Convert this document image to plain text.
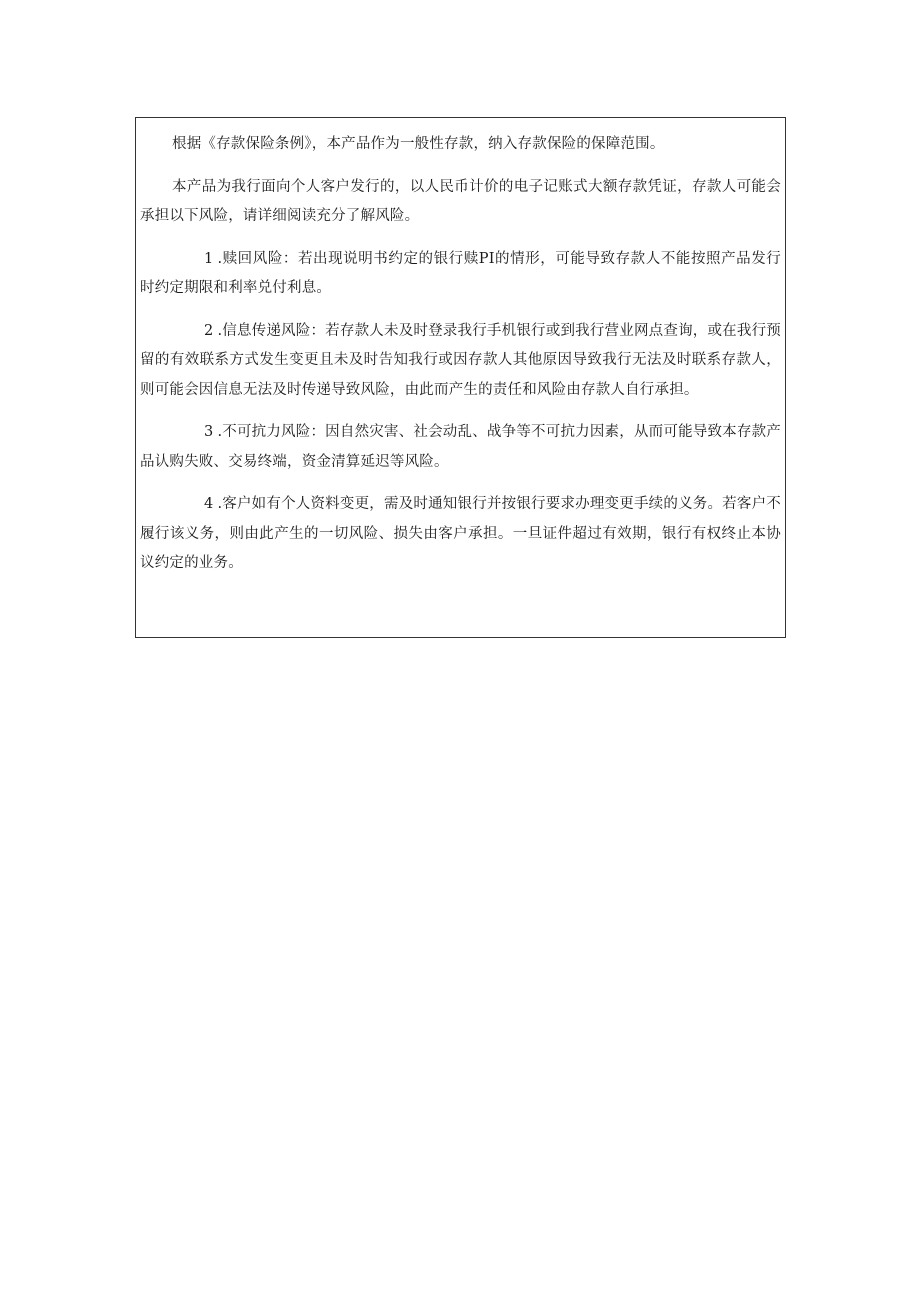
根据《存款保险条例》，本产品作为一般性存款，纳入存款保险的保障范围。

本产品为我行面向个人客户发行的，以人民币计价的电子记账式大额存款凭证，存款人可能会承担以下风险，请详细阅读充分了解风险。

1 .赎回风险：若出现说明书约定的银行赎PI的情形，可能导致存款人不能按照产品发行时约定期限和利率兑付利息。

2 .信息传递风险：若存款人未及时登录我行手机银行或到我行营业网点查询，或在我行预留的有效联系方式发生变更且未及时告知我行或因存款人其他原因导致我行无法及时联系存款人，则可能会因信息无法及时传递导致风险，由此而产生的责任和风险由存款人自行承担。

3 .不可抗力风险：因自然灾害、社会动乱、战争等不可抗力因素，从而可能导致本存款产品认购失败、交易终端，资金清算延迟等风险。

4 .客户如有个人资料变更，需及时通知银行并按银行要求办理变更手续的义务。若客户不履行该义务，则由此产生的一切风险、损失由客户承担。一旦证件超过有效期，银行有权终止本协议约定的业务。
